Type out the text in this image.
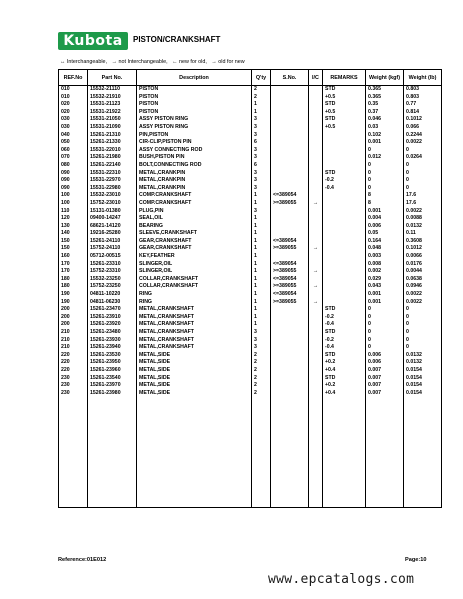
Kubota	PISTON/CRANKSHAFT
↔ Interchangeable, → not Interchangeable, ← new for old, → old for new
REF.No	Part No.	Description	Q'ty	S.No.	I/C	REMARKS	Weight (kgf)	Weight (lb)
010	15532-21110	PISTON	2			STD	0.365	0.803
010	15532-21910	PISTON	2			+0.5	0.365	0.803
020	15531-21123	PISTON	1			STD	0.35	0.77
020	15531-21922	PISTON	1			+0.5	0.37	0.814
030	15531-21050	ASSY PISTON RING	3			STD	0.046	0.1012
030	15531-21090	ASSY PISTON RING	3			+0.5	0.03	0.066
040	15261-21310	PIN,PISTON	3				0.102	0.2244
050	15261-21330	CIR-CLIP,PISTON PIN	6				0.001	0.0022
060	15531-22010	ASSY CONNECTING ROD	3				0	0
070	15261-21980	BUSH,PISTON PIN	3				0.012	0.0264
080	15261-22140	BOLT,CONNECTING ROD	6				0	0
090	15531-22310	METAL,CRANKPIN	3			STD	0	0
090	15531-22970	METAL,CRANKPIN	3			-0.2	0	0
090	15531-22980	METAL,CRANKPIN	3			-0.4	0	0
100	15532-23010	COMP.CRANKSHAFT	1	<=389054			8	17.6
100	15752-23010	COMP.CRANKSHAFT	1	>=389055	→		8	17.6
110	15131-01380	PLUG,PIN	3				0.001	0.0022
120	09400-14247	SEAL,OIL	1				0.004	0.0088
130	68621-14120	BEARING	1				0.006	0.0132
140	19216-25280	SLEEVE,CRANKSHAFT	1				0.05	0.11
150	15261-24110	GEAR,CRANKSHAFT	1	<=389054			0.164	0.3608
150	15752-24110	GEAR,CRANKSHAFT	1	>=389055	→		0.048	0.1012
160	05712-00515	KEY,FEATHER	1				0.003	0.0066
170	15261-23310	SLINGER,OIL	1	<=389054			0.008	0.0176
170	15752-23310	SLINGER,OIL	1	>=389055	→		0.002	0.0044
180	15532-23250	COLLAR,CRANKSHAFT	1	<=389054			0.029	0.0638
180	15752-23250	COLLAR,CRANKSHAFT	1	>=389055	→		0.043	0.0946
190	04811-10220	RING	1	<=389054			0.001	0.0022
190	04811-06230	RING	1	>=389055	→		0.001	0.0022
200	15261-23470	METAL,CRANKSHAFT	1			STD	0	0
200	15261-23910	METAL,CRANKSHAFT	1			-0.2	0	0
200	15261-23920	METAL,CRANKSHAFT	1			-0.4	0	0
210	15261-23480	METAL,CRANKSHAFT	3			STD	0	0
210	15261-23930	METAL,CRANKSHAFT	3			-0.2	0	0
210	15261-23940	METAL,CRANKSHAFT	3			-0.4	0	0
220	15261-23530	METAL,SIDE	2			STD	0.006	0.0132
220	15261-23950	METAL,SIDE	2			+0.2	0.006	0.0132
220	15261-23960	METAL,SIDE	2			+0.4	0.007	0.0154
230	15261-23540	METAL,SIDE	2			STD	0.007	0.0154
230	15261-23970	METAL,SIDE	2			+0.2	0.007	0.0154
230	15261-23980	METAL,SIDE	2			+0.4	0.007	0.0154

Reference:01E012	Page:10
www.epcatalogs.com
